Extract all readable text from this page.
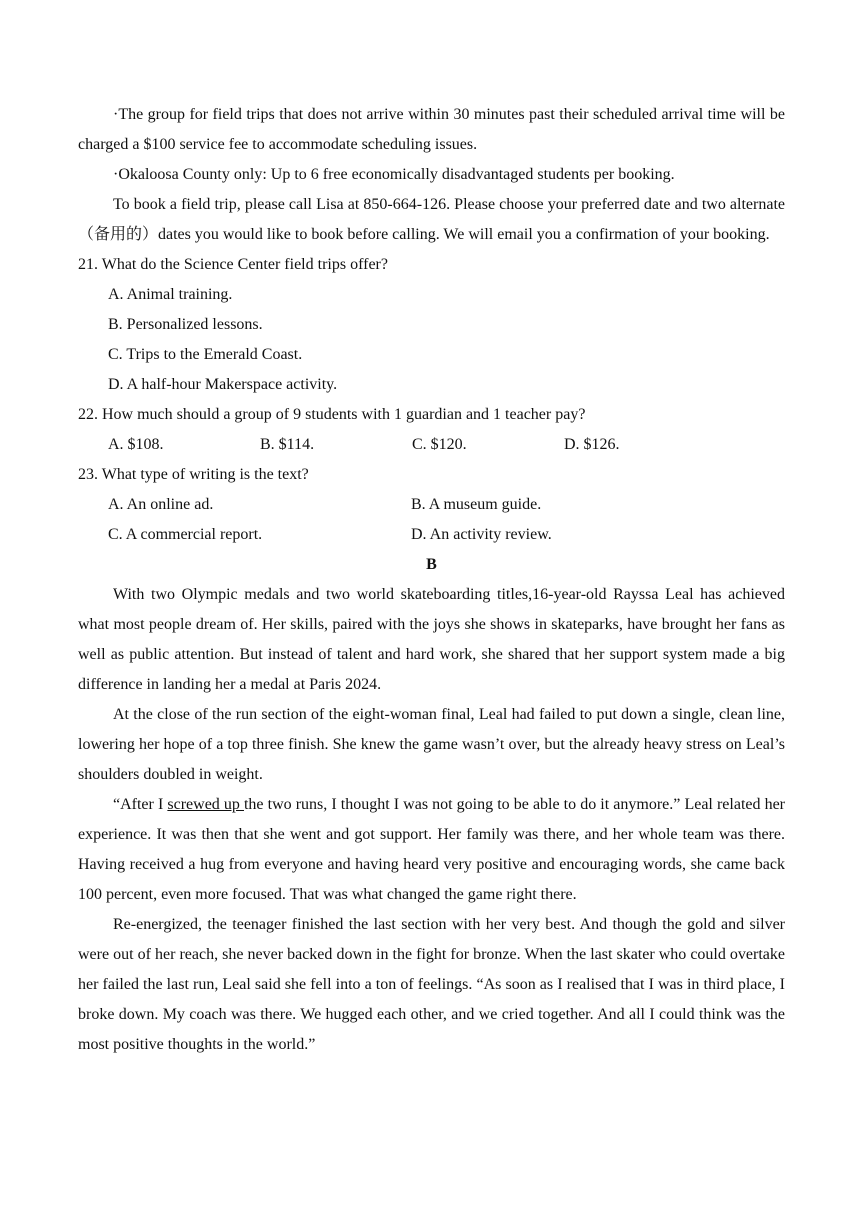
·The group for field trips that does not arrive within 30 minutes past their scheduled arrival time will be charged a $100 service fee to accommodate scheduling issues.

·Okaloosa County only: Up to 6 free economically disadvantaged students per booking.

To book a field trip, please call Lisa at 850-664-126. Please choose your preferred date and two alternate（备用的）dates you would like to book before calling. We will email you a confirmation of your booking.

21. What do the Science Center field trips offer?

A. Animal training.

B. Personalized lessons.

C. Trips to the Emerald Coast.

D. A half-hour Makerspace activity.

22. How much should a group of 9 students with 1 guardian and 1 teacher pay?

A. $108.	B. $114.	C. $120.	D. $126.

23. What type of writing is the text?

A. An online ad.	B. A museum guide.
C. A commercial report.	D. An activity review.

B

With two Olympic medals and two world skateboarding titles,16-year-old Rayssa Leal has achieved what most people dream of. Her skills, paired with the joys she shows in skateparks, have brought her fans as well as public attention. But instead of talent and hard work, she shared that her support system made a big difference in landing her a medal at Paris 2024.

At the close of the run section of the eight-woman final, Leal had failed to put down a single, clean line, lowering her hope of a top three finish. She knew the game wasn’t over, but the already heavy stress on Leal’s shoulders doubled in weight.

“After I screwed up the two runs, I thought I was not going to be able to do it anymore.” Leal related her experience. It was then that she went and got support. Her family was there, and her whole team was there. Having received a hug from everyone and having heard very positive and encouraging words, she came back 100 percent, even more focused. That was what changed the game right there.

Re-energized, the teenager finished the last section with her very best. And though the gold and silver were out of her reach, she never backed down in the fight for bronze. When the last skater who could overtake her failed the last run, Leal said she fell into a ton of feelings. “As soon as I realised that I was in third place, I broke down. My coach was there. We hugged each other, and we cried together. And all I could think was the most positive thoughts in the world.”
